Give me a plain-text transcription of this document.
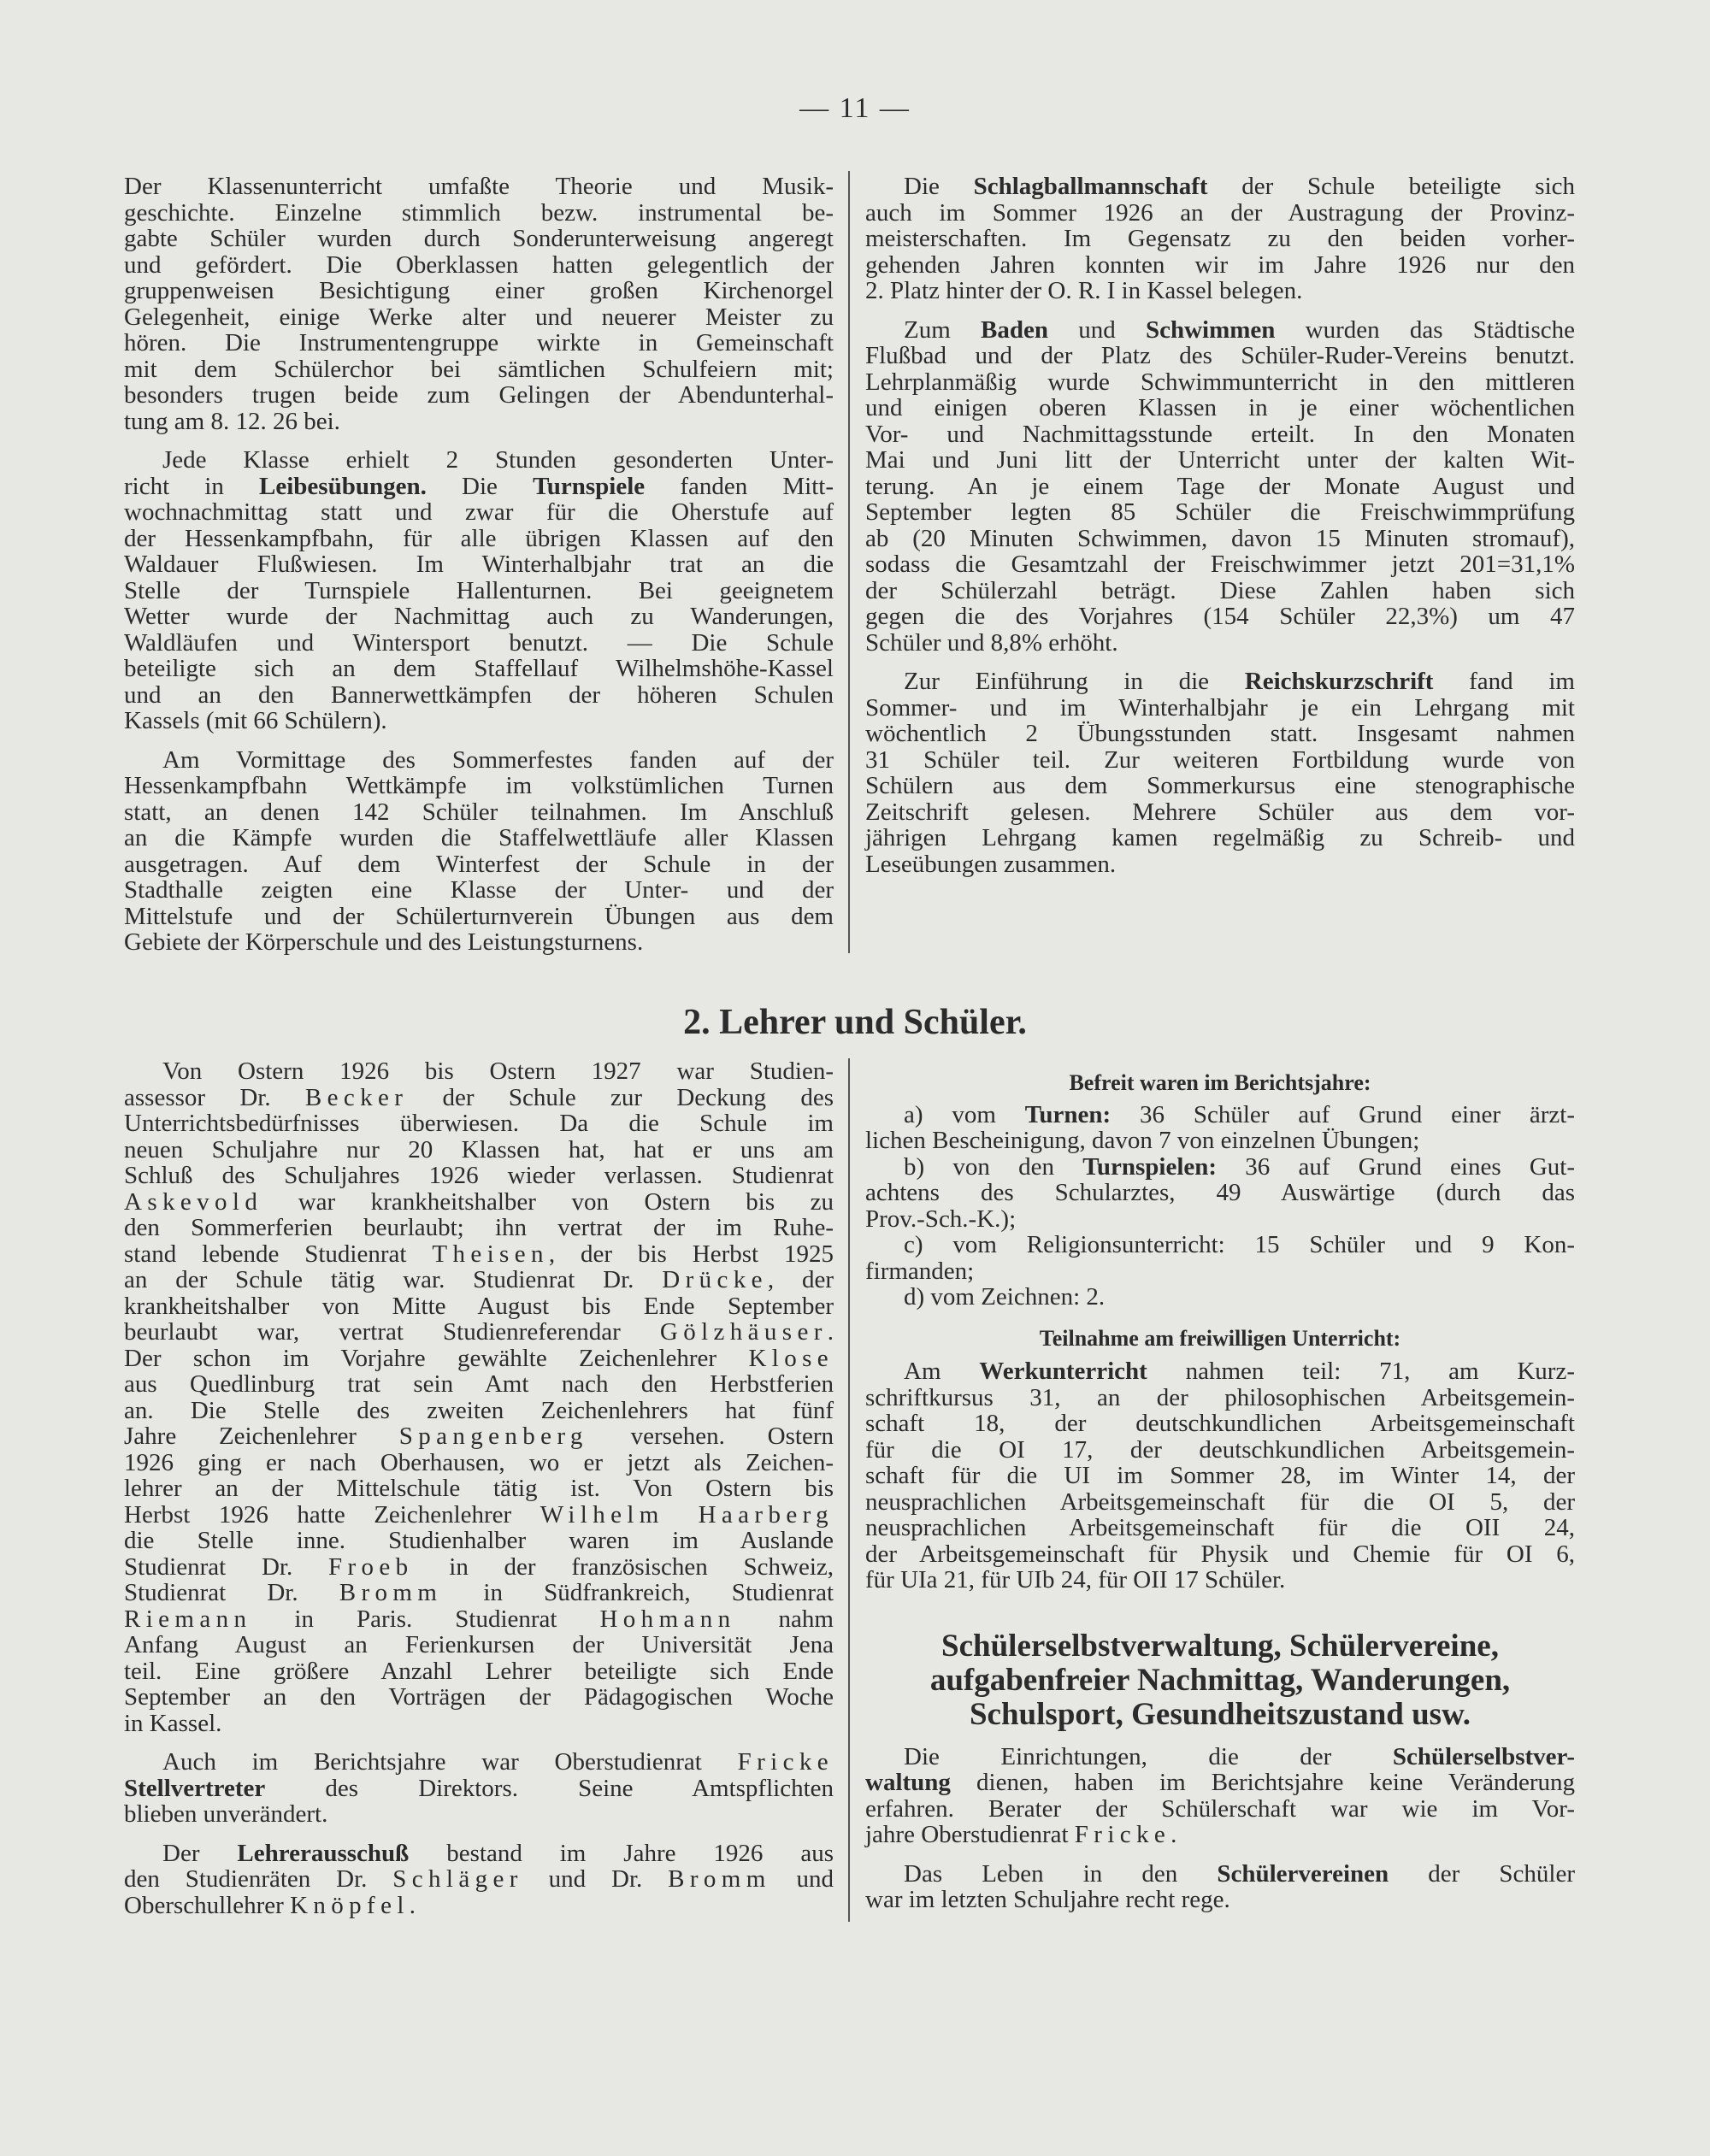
— 11 —
Der Klassenunterricht umfaßte Theorie und Musik-
geschichte. Einzelne stimmlich bezw. instrumental be-
gabte Schüler wurden durch Sonderunterweisung angeregt
und gefördert. Die Oberklassen hatten gelegentlich der
gruppenweisen Besichtigung einer großen Kirchenorgel
Gelegenheit, einige Werke alter und neuerer Meister zu
hören. Die Instrumentengruppe wirkte in Gemeinschaft
mit dem Schülerchor bei sämtlichen Schulfeiern mit;
besonders trugen beide zum Gelingen der Abendunterhal-
tung am 8. 12. 26 bei.
Jede Klasse erhielt 2 Stunden gesonderten Unter-
richt in Leibesübungen. Die Turnspiele fanden Mitt-
wochnachmittag statt und zwar für die Oherstufe auf
der Hessenkampfbahn, für alle übrigen Klassen auf den
Waldauer Flußwiesen. Im Winterhalbjahr trat an die
Stelle der Turnspiele Hallenturnen. Bei geeignetem
Wetter wurde der Nachmittag auch zu Wanderungen,
Waldläufen und Wintersport benutzt. — Die Schule
beteiligte sich an dem Staffellauf Wilhelmshöhe-Kassel
und an den Bannerwettkämpfen der höheren Schulen
Kassels (mit 66 Schülern).
Am Vormittage des Sommerfestes fanden auf der
Hessenkampfbahn Wettkämpfe im volkstümlichen Turnen
statt, an denen 142 Schüler teilnahmen. Im Anschluß
an die Kämpfe wurden die Staffelwettläufe aller Klassen
ausgetragen. Auf dem Winterfest der Schule in der
Stadthalle zeigten eine Klasse der Unter- und der
Mittelstufe und der Schülerturnverein Übungen aus dem
Gebiete der Körperschule und des Leistungsturnens.
Die Schlagballmannschaft der Schule beteiligte sich
auch im Sommer 1926 an der Austragung der Provinz-
meisterschaften. Im Gegensatz zu den beiden vorher-
gehenden Jahren konnten wir im Jahre 1926 nur den
2. Platz hinter der O. R. I in Kassel belegen.
Zum Baden und Schwimmen wurden das Städtische
Flußbad und der Platz des Schüler-Ruder-Vereins benutzt.
Lehrplanmäßig wurde Schwimmunterricht in den mittleren
und einigen oberen Klassen in je einer wöchentlichen
Vor- und Nachmittagsstunde erteilt. In den Monaten
Mai und Juni litt der Unterricht unter der kalten Wit-
terung. An je einem Tage der Monate August und
September legten 85 Schüler die Freischwimmprüfung
ab (20 Minuten Schwimmen, davon 15 Minuten stromauf),
sodass die Gesamtzahl der Freischwimmer jetzt 201=31,1%
der Schülerzahl beträgt. Diese Zahlen haben sich
gegen die des Vorjahres (154 Schüler 22,3%) um 47
Schüler und 8,8% erhöht.
Zur Einführung in die Reichskurzschrift fand im
Sommer- und im Winterhalbjahr je ein Lehrgang mit
wöchentlich 2 Übungsstunden statt. Insgesamt nahmen
31 Schüler teil. Zur weiteren Fortbildung wurde von
Schülern aus dem Sommerkursus eine stenographische
Zeitschrift gelesen. Mehrere Schüler aus dem vor-
jährigen Lehrgang kamen regelmäßig zu Schreib- und
Leseübungen zusammen.
2. Lehrer und Schüler.
Von Ostern 1926 bis Ostern 1927 war Studien-
assessor Dr. Becker der Schule zur Deckung des
Unterrichtsbedürfnisses überwiesen. Da die Schule im
neuen Schuljahre nur 20 Klassen hat, hat er uns am
Schluß des Schuljahres 1926 wieder verlassen. Studienrat
Askevold war krankheitshalber von Ostern bis zu
den Sommerferien beurlaubt; ihn vertrat der im Ruhe-
stand lebende Studienrat Theisen, der bis Herbst 1925
an der Schule tätig war. Studienrat Dr. Drücke, der
krankheitshalber von Mitte August bis Ende September
beurlaubt war, vertrat Studienreferendar Gölzhäuser.
Der schon im Vorjahre gewählte Zeichenlehrer Klose
aus Quedlinburg trat sein Amt nach den Herbstferien
an. Die Stelle des zweiten Zeichenlehrers hat fünf
Jahre Zeichenlehrer Spangenberg versehen. Ostern
1926 ging er nach Oberhausen, wo er jetzt als Zeichen-
lehrer an der Mittelschule tätig ist. Von Ostern bis
Herbst 1926 hatte Zeichenlehrer Wilhelm Haarberg
die Stelle inne. Studienhalber waren im Auslande
Studienrat Dr. Froeb in der französischen Schweiz,
Studienrat Dr. Bromm in Südfrankreich, Studienrat
Riemann in Paris. Studienrat Hohmann nahm
Anfang August an Ferienkursen der Universität Jena
teil. Eine größere Anzahl Lehrer beteiligte sich Ende
September an den Vorträgen der Pädagogischen Woche
in Kassel.
Auch im Berichtsjahre war Oberstudienrat Fricke
Stellvertreter des Direktors. Seine Amtspflichten
blieben unverändert.
Der Lehrerausschuß bestand im Jahre 1926 aus
den Studienräten Dr. Schläger und Dr. Bromm und
Oberschullehrer Knöpfel.
Befreit waren im Berichtsjahre:
a) vom Turnen: 36 Schüler auf Grund einer ärzt-
lichen Bescheinigung, davon 7 von einzelnen Übungen;
b) von den Turnspielen: 36 auf Grund eines Gut-
achtens des Schularztes, 49 Auswärtige (durch das
Prov.-Sch.-K.);
c) vom Religionsunterricht: 15 Schüler und 9 Kon-
firmanden;
d) vom Zeichnen: 2.
Teilnahme am freiwilligen Unterricht:
Am Werkunterricht nahmen teil: 71, am Kurz-
schriftkursus 31, an der philosophischen Arbeitsgemein-
schaft 18, der deutschkundlichen Arbeitsgemeinschaft
für die OI 17, der deutschkundlichen Arbeitsgemein-
schaft für die UI im Sommer 28, im Winter 14, der
neusprachlichen Arbeitsgemeinschaft für die OI 5, der
neusprachlichen Arbeitsgemeinschaft für die OII 24,
der Arbeitsgemeinschaft für Physik und Chemie für OI 6,
für UIa 21, für UIb 24, für OII 17 Schüler.
Schülerselbstverwaltung, Schülervereine,
aufgabenfreier Nachmittag, Wanderungen,
Schulsport, Gesundheitszustand usw.
Die Einrichtungen, die der Schülerselbstver-
waltung dienen, haben im Berichtsjahre keine Veränderung
erfahren. Berater der Schülerschaft war wie im Vor-
jahre Oberstudienrat Fricke.
Das Leben in den Schülervereinen der Schüler
war im letzten Schuljahre recht rege.
